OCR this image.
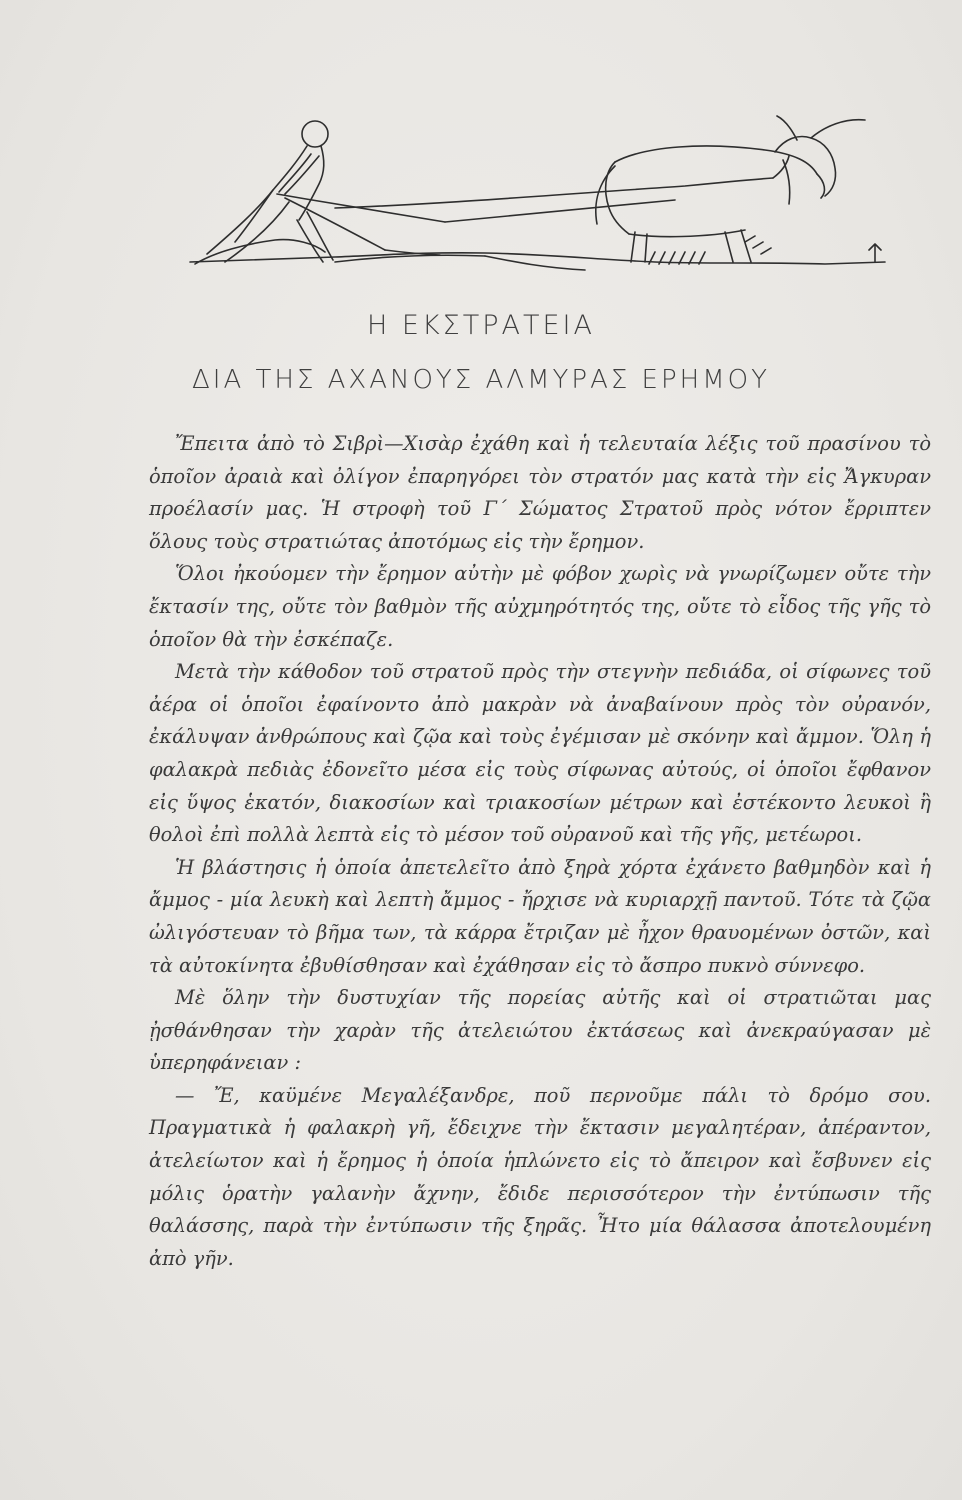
Η ΕΚΣΤΡΑΤΕΙΑ
ΔΙΑ ΤΗΣ ΑΧΑΝΟΥΣ ΑΛΜΥΡΑΣ ΕΡΗΜΟΥ

Ἔπειτα ἀπὸ τὸ Σιβρὶ—Χισὰρ ἐχάθη καὶ ἡ τελευταία λέξις τοῦ πρασίνου τὸ ὁποῖον ἀραιὰ καὶ ὀλίγον ἐπαρηγόρει τὸν στρατόν μας κατὰ τὴν εἰς Ἄγκυραν προέλασίν μας. Ἡ στροφὴ τοῦ Γ΄ Σώματος Στρατοῦ πρὸς νότον ἔρριπτεν ὅλους τοὺς στρατιώτας ἀποτόμως εἰς τὴν ἔρημον.

Ὅλοι ἠκούομεν τὴν ἔρημον αὐτὴν μὲ φόβον χωρὶς νὰ γνωρίζωμεν οὔτε τὴν ἔκτασίν της, οὔτε τὸν βαθμὸν τῆς αὐχμηρότητός της, οὔτε τὸ εἶδος τῆς γῆς τὸ ὁποῖον θὰ τὴν ἐσκέπαζε.

Μετὰ τὴν κάθοδον τοῦ στρατοῦ πρὸς τὴν στεγνὴν πεδιάδα, οἱ σίφωνες τοῦ ἀέρα οἱ ὁποῖοι ἐφαίνοντο ἀπὸ μακρὰν νὰ ἀναβαίνουν πρὸς τὸν οὐρανόν, ἐκάλυψαν ἀνθρώπους καὶ ζῷα καὶ τοὺς ἐγέμισαν μὲ σκόνην καὶ ἄμμον. Ὅλη ἡ φαλακρὰ πεδιὰς ἐδονεῖτο μέσα εἰς τοὺς σίφωνας αὐτούς, οἱ ὁποῖοι ἔφθανον εἰς ὕψος ἑκατόν, διακοσίων καὶ τριακοσίων μέτρων καὶ ἐστέκοντο λευκοὶ ἢ θολοὶ ἐπὶ πολλὰ λεπτὰ εἰς τὸ μέσον τοῦ οὐρανοῦ καὶ τῆς γῆς, μετέωροι.

Ἡ βλάστησις ἡ ὁποία ἀπετελεῖτο ἀπὸ ξηρὰ χόρτα ἐχάνετο βαθμηδὸν καὶ ἡ ἄμμος - μία λευκὴ καὶ λεπτὴ ἄμμος - ἤρχισε νὰ κυριαρχῇ παντοῦ. Τότε τὰ ζῷα ὠλιγόστευαν τὸ βῆμα των, τὰ κάρρα ἔτριζαν μὲ ἦχον θραυομένων ὀστῶν, καὶ τὰ αὐτοκίνητα ἐβυθίσθησαν καὶ ἐχάθησαν εἰς τὸ ἄσπρο πυκνὸ σύννεφο.

Μὲ ὅλην τὴν δυστυχίαν τῆς πορείας αὐτῆς καὶ οἱ στρατιῶται μας ᾐσθάνθησαν τὴν χαρὰν τῆς ἀτελειώτου ἐκτάσεως καὶ ἀνεκραύγασαν μὲ ὑπερηφάνειαν :

— Ἔ, καϋμένε Μεγαλέξανδρε, ποῦ περνοῦμε πάλι τὸ δρόμο σου. Πραγματικὰ ἡ φαλακρὴ γῆ, ἔδειχνε τὴν ἔκτασιν μεγαλητέραν, ἀπέραντον, ἀτελείωτον καὶ ἡ ἔρημος ἡ ὁποία ἡπλώνετο εἰς τὸ ἄπειρον καὶ ἔσβυνεν εἰς μόλις ὁρατὴν γαλανὴν ἄχνην, ἔδιδε περισσότερον τὴν ἐντύπωσιν τῆς θαλάσσης, παρὰ τὴν ἐντύπωσιν τῆς ξηρᾶς. Ἦτο μία θάλασσα ἀποτελουμένη ἀπὸ γῆν.
